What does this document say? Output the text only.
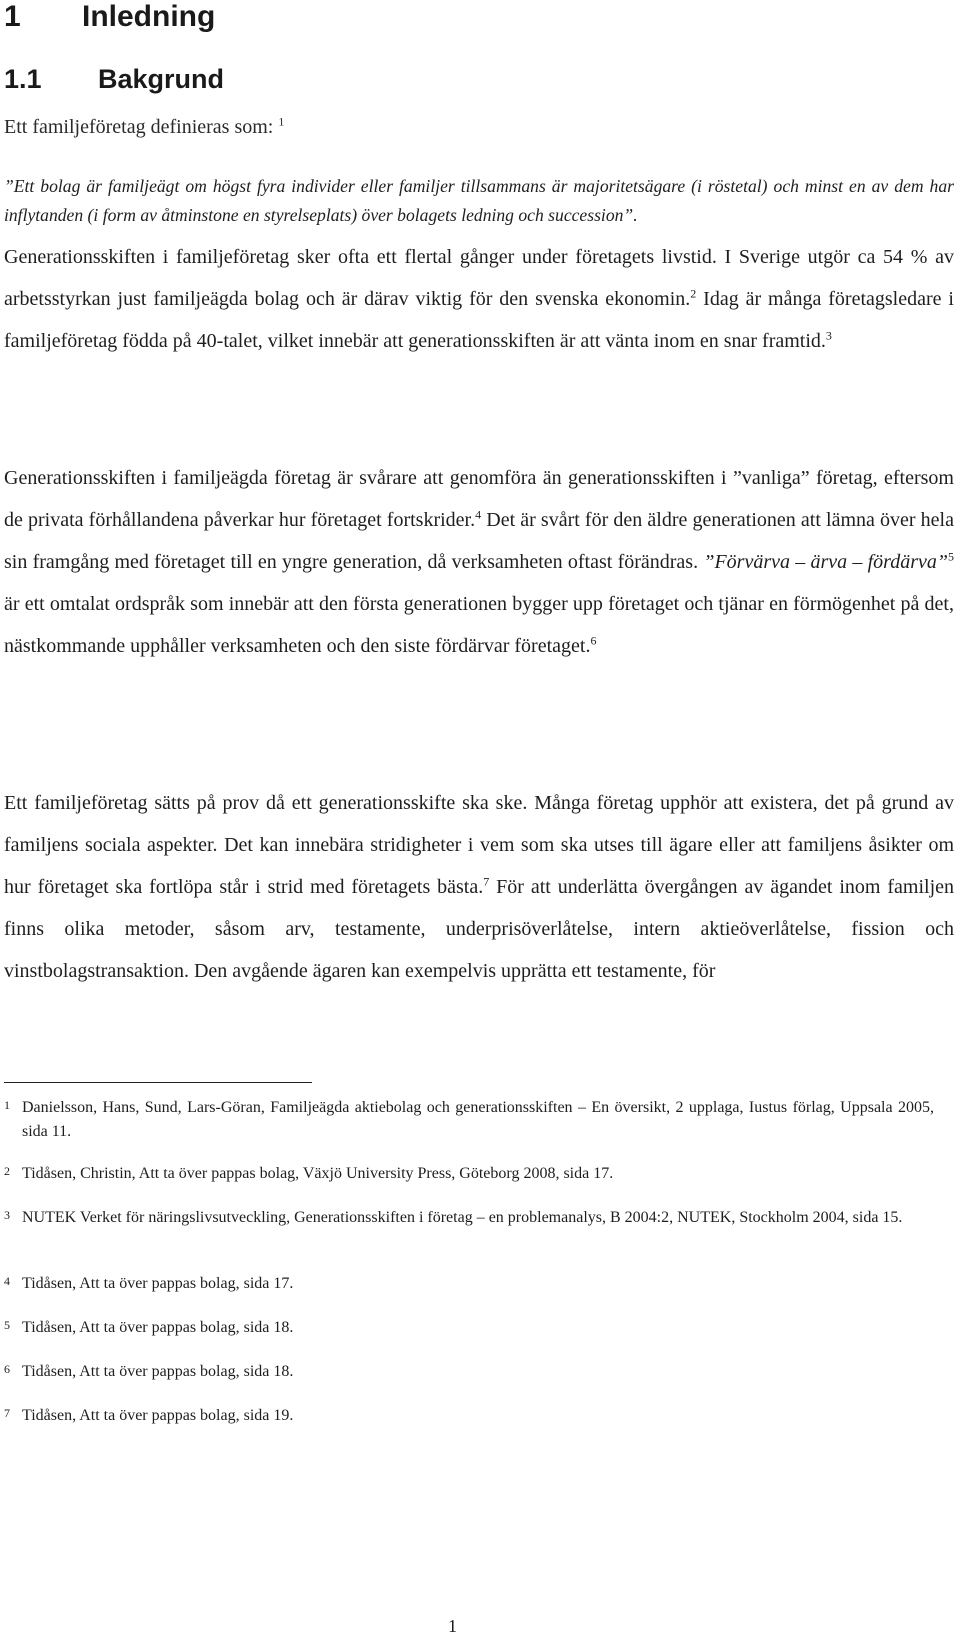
1 Inledning
1.1 Bakgrund
Ett familjeföretag definieras som: $^1$
”Ett bolag är familjeägt om högst fyra individer eller familjer tillsammans är majoritetsägare (i röstetal) och minst en av dem har inflytanden (i form av åtminstone en styrelseplats) över bolagets ledning och succession”.
Generationsskiften i familjeföretag sker ofta ett flertal gånger under företagets livstid. I Sverige utgör ca 54 % av arbetsstyrkan just familjeägda bolag och är därav viktig för den svenska ekonomin.$^2$ Idag är många företagsledare i familjeföretag födda på 40-talet, vilket innebär att generationsskiften är att vänta inom en snar framtid.$^3$
Generationsskiften i familjeägda företag är svårare att genomföra än generationsskiften i ”vanliga” företag, eftersom de privata förhållandena påverkar hur företaget fortskrider.$^4$ Det är svårt för den äldre generationen att lämna över hela sin framgång med företaget till en yngre generation, då verksamheten oftast förändras. ”Förvärva – ärva – fördärva”$^5$ är ett omtalat ordspråk som innebär att den första generationen bygger upp företaget och tjänar en förmögenhet på det, nästkommande upphåller verksamheten och den siste fördärvar företaget.$^6$
Ett familjeföretag sätts på prov då ett generationsskifte ska ske. Många företag upphör att existera, det på grund av familjens sociala aspekter. Det kan innebära stridigheter i vem som ska utses till ägare eller att familjens åsikter om hur företaget ska fortlöpa står i strid med företagets bästa.$^7$ För att underlätta övergången av ägandet inom familjen finns olika metoder, såsom arv, testamente, underprisöverlåtelse, intern aktieöverlåtelse, fission och vinstbolagstransaktion. Den avgående ägaren kan exempelvis upprätta ett testamente, för
1 Danielsson, Hans, Sund, Lars-Göran, Familjeägda aktiebolag och generationsskiften – En översikt, 2 upplaga, Iustus förlag, Uppsala 2005, sida 11.
2 Tidåsen, Christin, Att ta över pappas bolag, Växjö University Press, Göteborg 2008, sida 17.
3 NUTEK Verket för näringslivsutveckling, Generationsskiften i företag – en problemanalys, B 2004:2, NUTEK, Stockholm 2004, sida 15.
4 Tidåsen, Att ta över pappas bolag, sida 17.
5 Tidåsen, Att ta över pappas bolag, sida 18.
6 Tidåsen, Att ta över pappas bolag, sida 18.
7 Tidåsen, Att ta över pappas bolag, sida 19.
1
